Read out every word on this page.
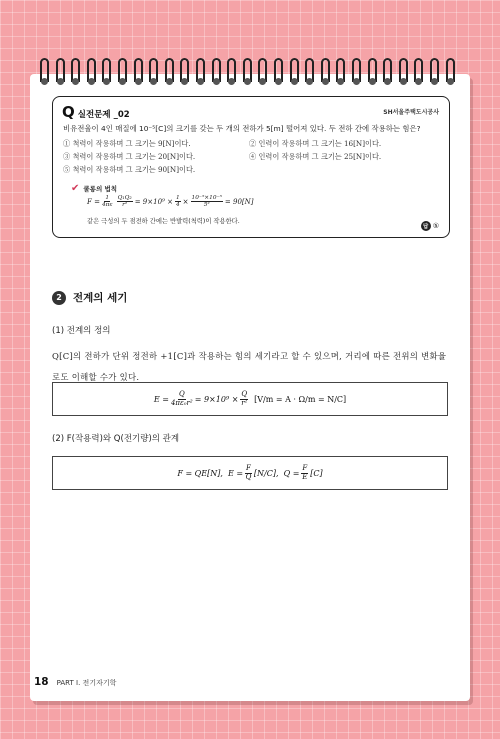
Q 실전문제 _02	SH서울주택도시공사
비유전율이 4인 매질에 10⁻⁵[C]의 크기를 갖는 두 개의 전하가 5[m] 떨어져 있다. 두 전하 간에 작용하는 힘은?
① 척력이 작용하며 그 크기는 9[N]이다.	② 인력이 작용하며 그 크기는 16[N]이다.
③ 척력이 작용하며 그 크기는 20[N]이다.	④ 인력이 작용하며 그 크기는 25[N]이다.
⑤ 척력이 작용하며 그 크기는 90[N]이다.
✔ 쿨롱의 법칙
$F = \frac{1}{4\pi\varepsilon} \frac{\text{Q₁Q₂}}{\text{r²}} = 9\times 10^9 \times \frac{1}{4} \times \frac{\text{10⁻⁵×10⁻⁵}}{\text{5²}} = 90[N]$
같은 극성의 두 점전하 간에는 반발력(척력)이 작용한다.
답 ⑤
2	전계의 세기
(1) 전계의 정의
Q[C]의 전하가 단위 정전하 +1[C]과 작용하는 힘의 세기라고 할 수 있으며, 거리에 따른 전위의 변화율로도 이해할 수가 있다.
$E = \frac{Q}{\text{4πε₀r²}} = 9\times 10^9 \times \frac{Q}{\text{r²}} [V/m = A \cdot \Omega/m = N/C]$
(2) F(작용력)와 Q(전기량)의 관계
F = QE[N],  $E = \frac{F}{Q} [N/C]$,  $Q = \frac{F}{E} [C]$
18 PART Ⅰ. 전기자기학
